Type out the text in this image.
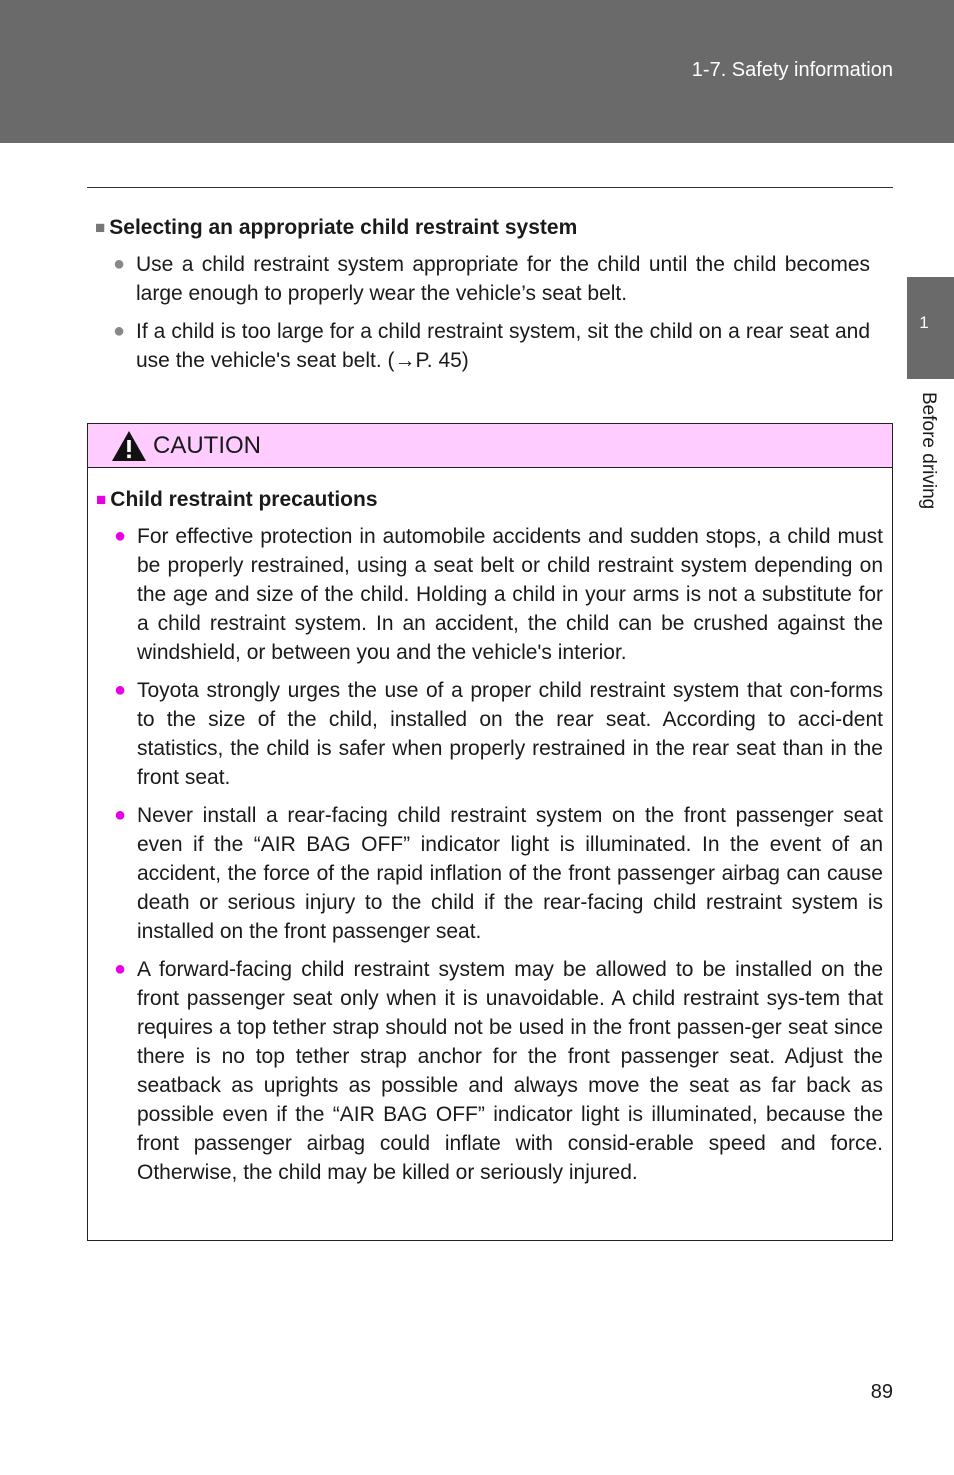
1-7. Safety information
1
Before driving
■ Selecting an appropriate child restraint system
● Use a child restraint system appropriate for the child until the child becomes large enough to properly wear the vehicle’s seat belt.
● If a child is too large for a child restraint system, sit the child on a rear seat and use the vehicle's seat belt. (→P. 45)
CAUTION
■ Child restraint precautions
● For effective protection in automobile accidents and sudden stops, a child must be properly restrained, using a seat belt or child restraint system depending on the age and size of the child. Holding a child in your arms is not a substitute for a child restraint system. In an accident, the child can be crushed against the windshield, or between you and the vehicle's interior.
● Toyota strongly urges the use of a proper child restraint system that con-forms to the size of the child, installed on the rear seat. According to acci-dent statistics, the child is safer when properly restrained in the rear seat than in the front seat.
● Never install a rear-facing child restraint system on the front passenger seat even if the “AIR BAG OFF” indicator light is illuminated. In the event of an accident, the force of the rapid inflation of the front passenger airbag can cause death or serious injury to the child if the rear-facing child restraint system is installed on the front passenger seat.
● A forward-facing child restraint system may be allowed to be installed on the front passenger seat only when it is unavoidable. A child restraint sys-tem that requires a top tether strap should not be used in the front passen-ger seat since there is no top tether strap anchor for the front passenger seat. Adjust the seatback as uprights as possible and always move the seat as far back as possible even if the “AIR BAG OFF” indicator light is illuminated, because the front passenger airbag could inflate with consid-erable speed and force. Otherwise, the child may be killed or seriously injured.
89
